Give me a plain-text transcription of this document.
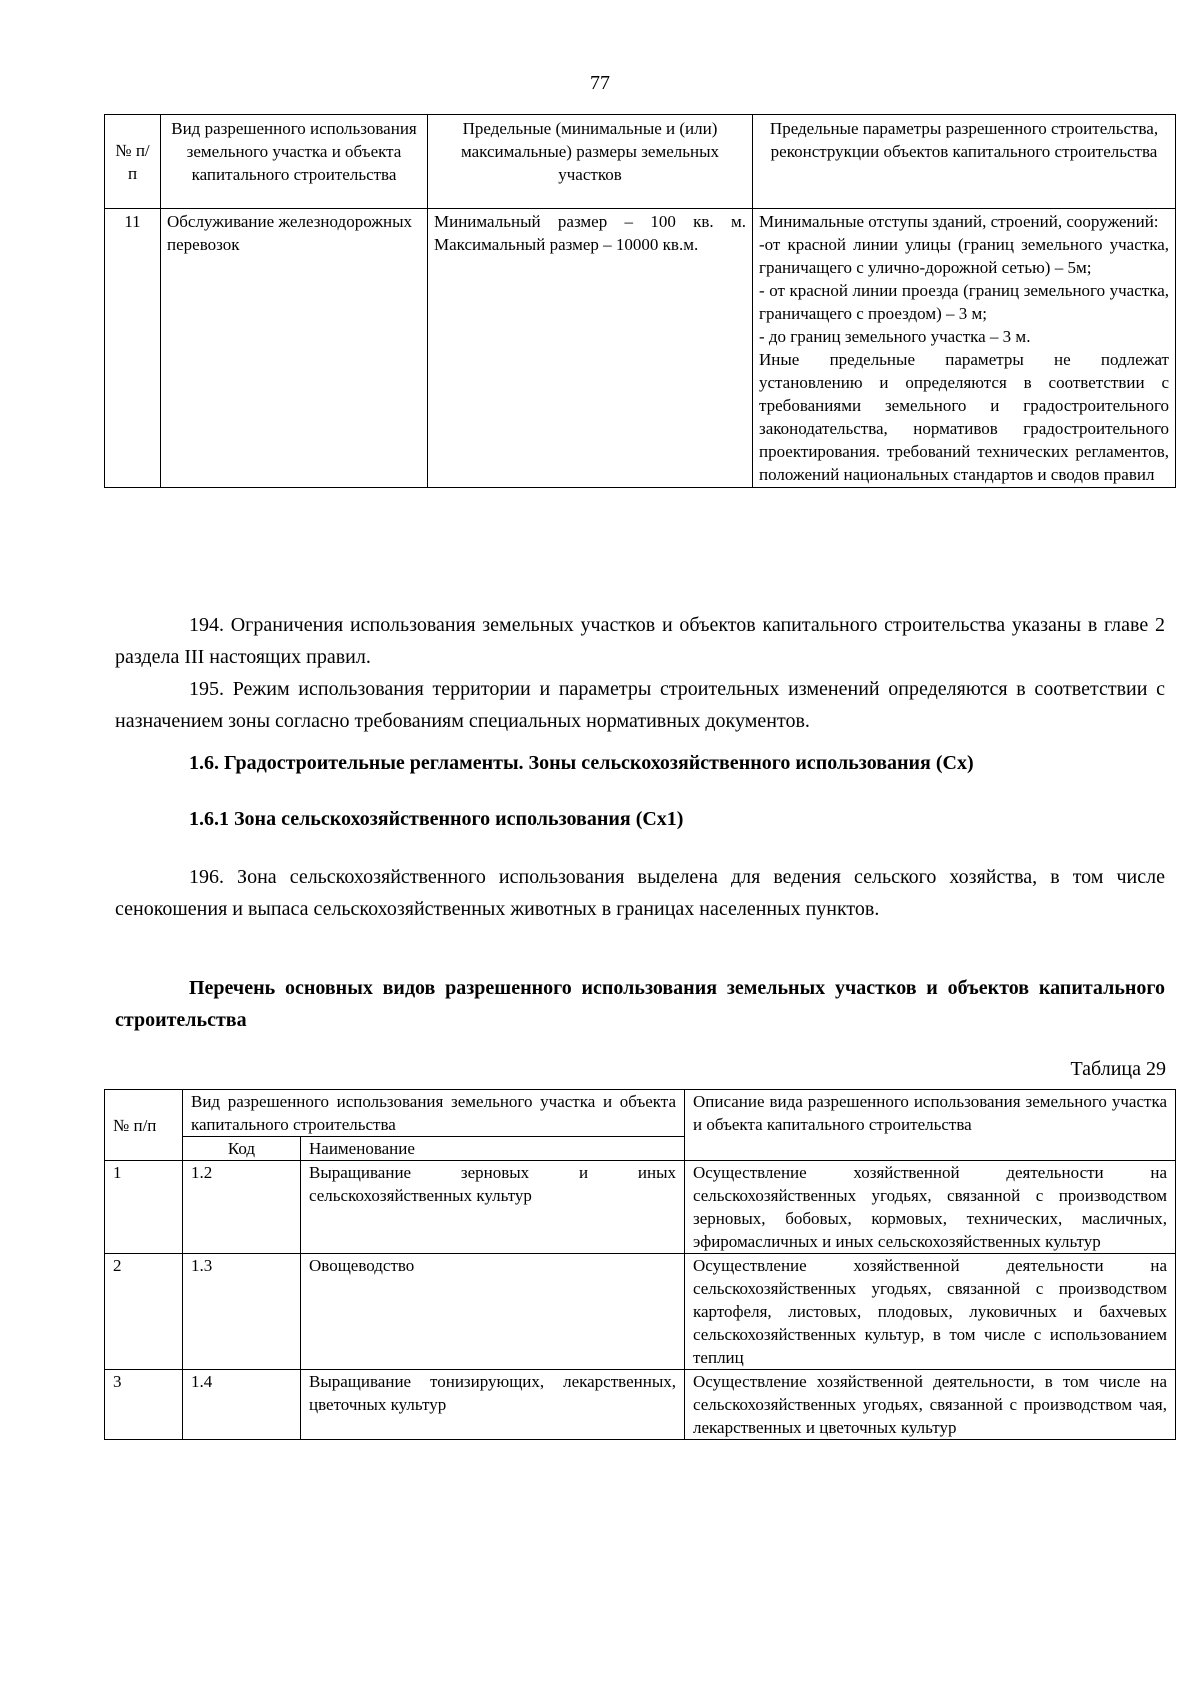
77
№ п/п	Вид разрешенного использования земельного участка и объекта капитального строительства	Предельные (минимальные и (или) максимальные) размеры земельных участков	Предельные параметры разрешенного строительства, реконструкции объектов капитального строительства
11	Обслуживание железнодорожных перевозок	Минимальный размер – 100 кв. м. Максимальный размер – 10000 кв.м.	Минимальные отступы зданий, строений, сооружений:
-от красной линии улицы (границ земельного участка, граничащего с улично-дорожной сетью) – 5м;
- от красной линии проезда (границ земельного участка, граничащего с проездом) – 3 м;
- до границ земельного участка – 3 м.
Иные предельные параметры не подлежат установлению и определяются в соответствии с требованиями земельного и градостроительного законодательства, нормативов градостроительного проектирования. требований технических регламентов, положений национальных стандартов и сводов правил
194. Ограничения использования земельных участков и объектов капитального строительства указаны в главе 2 раздела III настоящих правил.
195. Режим использования территории и параметры строительных изменений определяются в соответствии с назначением зоны согласно требованиям специальных нормативных документов.
1.6. Градостроительные регламенты. Зоны сельскохозяйственного использования (Сх)
1.6.1 Зона сельскохозяйственного использования (Сх1)
196. Зона сельскохозяйственного использования выделена для ведения сельского хозяйства, в том числе сенокошения и выпаса сельскохозяйственных животных в границах населенных пунктов.
Перечень основных видов разрешенного использования земельных участков и объектов капитального строительства
Таблица 29
№ п/п	Вид разрешенного использования земельного участка и объекта капитального строительства		Описание вида разрешенного использования земельного участка и объекта капитального строительства
	Код	Наименование	
1	1.2	Выращивание зерновых и иных сельскохозяйственных культур	Осуществление хозяйственной деятельности на сельскохозяйственных угодьях, связанной с производством зерновых, бобовых, кормовых, технических, масличных, эфиромасличных и иных сельскохозяйственных культур
2	1.3	Овощеводство	Осуществление хозяйственной деятельности на сельскохозяйственных угодьях, связанной с производством картофеля, листовых, плодовых, луковичных и бахчевых сельскохозяйственных культур, в том числе с использованием теплиц
3	1.4	Выращивание тонизирующих, лекарственных, цветочных культур	Осуществление хозяйственной деятельности, в том числе на сельскохозяйственных угодьях, связанной с производством чая, лекарственных и цветочных культур
